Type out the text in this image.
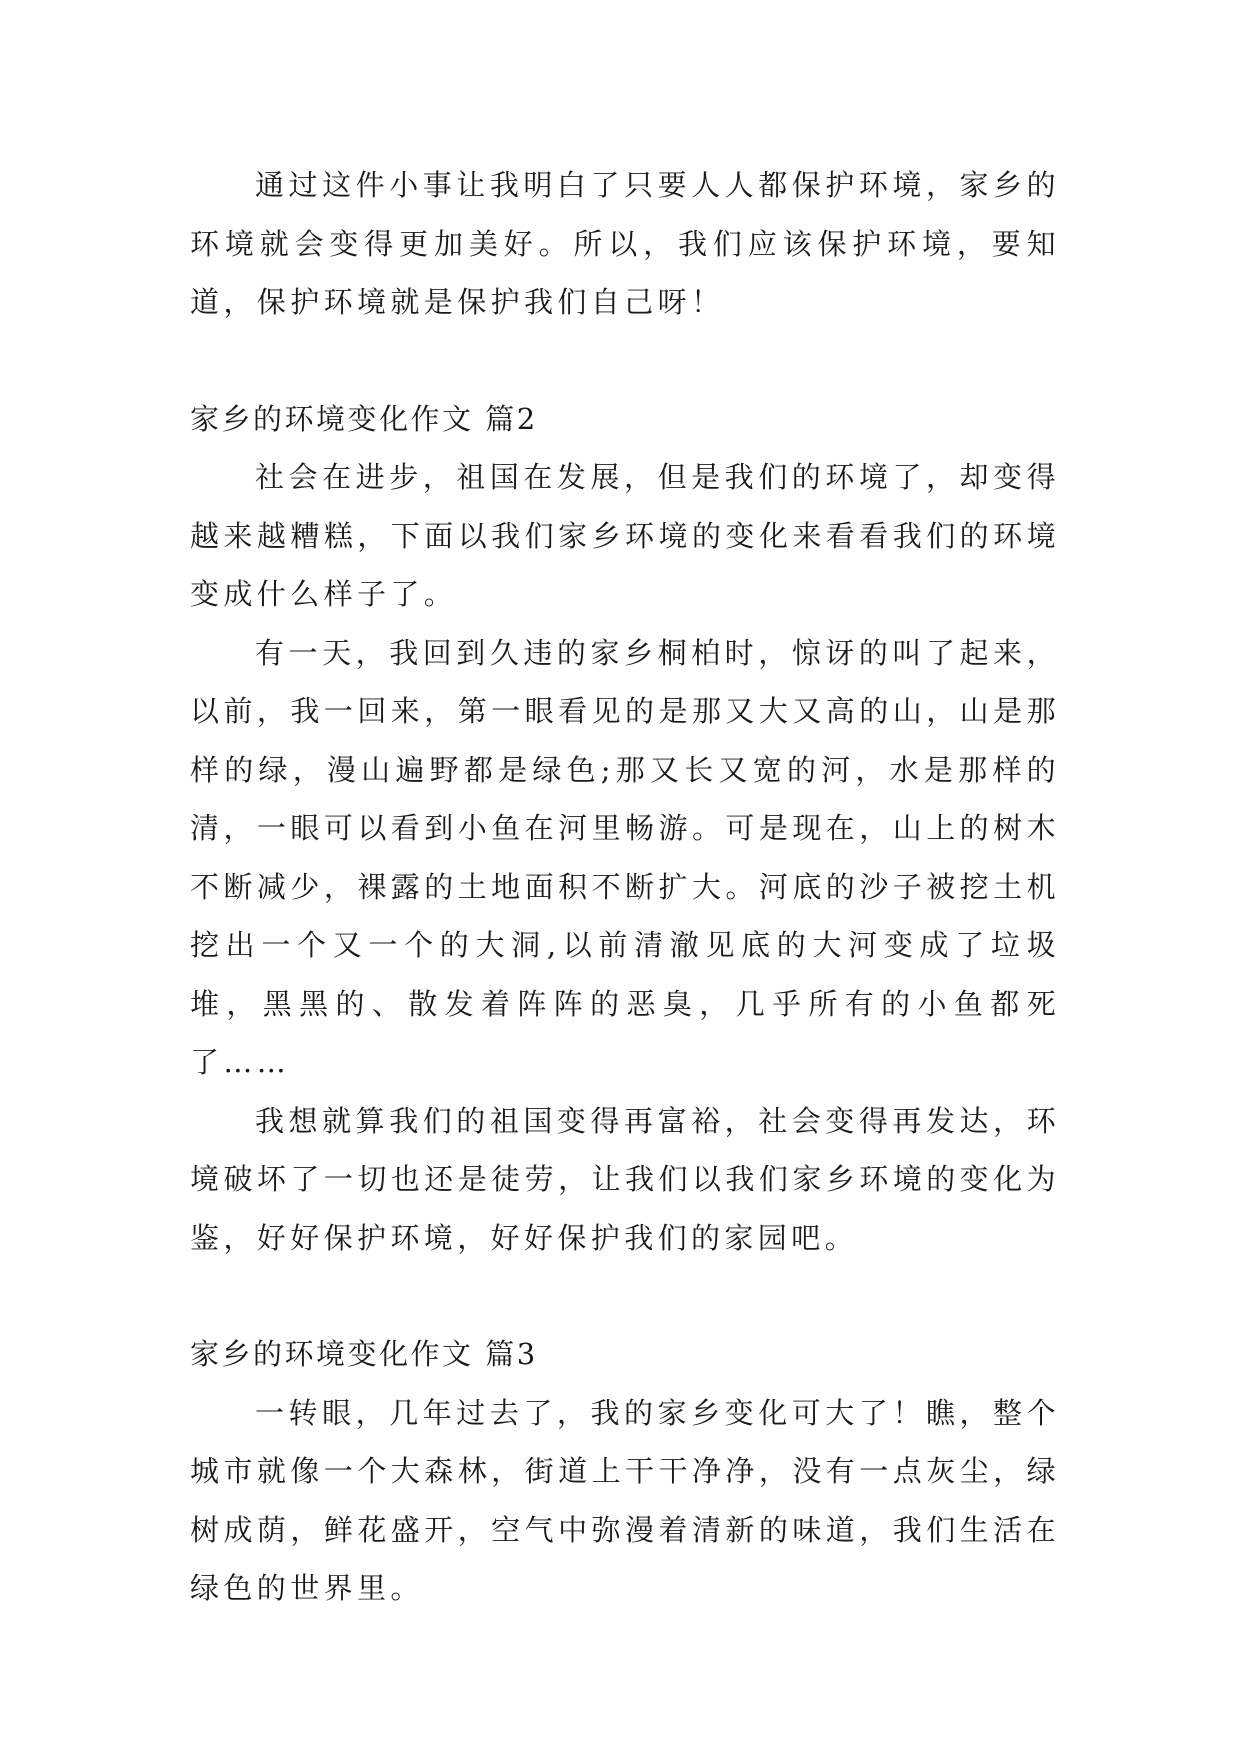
通过这件小事让我明白了只要人人都保护环境，家乡的环境就会变得更加美好。所以，我们应该保护环境，要知道，保护环境就是保护我们自己呀！

家乡的环境变化作文 篇2

社会在进步，祖国在发展，但是我们的环境了，却变得越来越糟糕，下面以我们家乡环境的变化来看看我们的环境变成什么样子了。

有一天，我回到久违的家乡桐柏时，惊讶的叫了起来，以前，我一回来，第一眼看见的是那又大又高的山，山是那样的绿，漫山遍野都是绿色;那又长又宽的河，水是那样的清，一眼可以看到小鱼在河里畅游。可是现在，山上的树木不断减少，裸露的土地面积不断扩大。河底的沙子被挖土机挖出一个又一个的大洞,以前清澈见底的大河变成了垃圾堆，黑黑的、散发着阵阵的恶臭，几乎所有的小鱼都死了……

我想就算我们的祖国变得再富裕，社会变得再发达，环境破坏了一切也还是徒劳，让我们以我们家乡环境的变化为鉴，好好保护环境，好好保护我们的家园吧。

家乡的环境变化作文 篇3

一转眼，几年过去了，我的家乡变化可大了！瞧，整个城市就像一个大森林，街道上干干净净，没有一点灰尘，绿树成荫，鲜花盛开，空气中弥漫着清新的味道，我们生活在绿色的世界里。
